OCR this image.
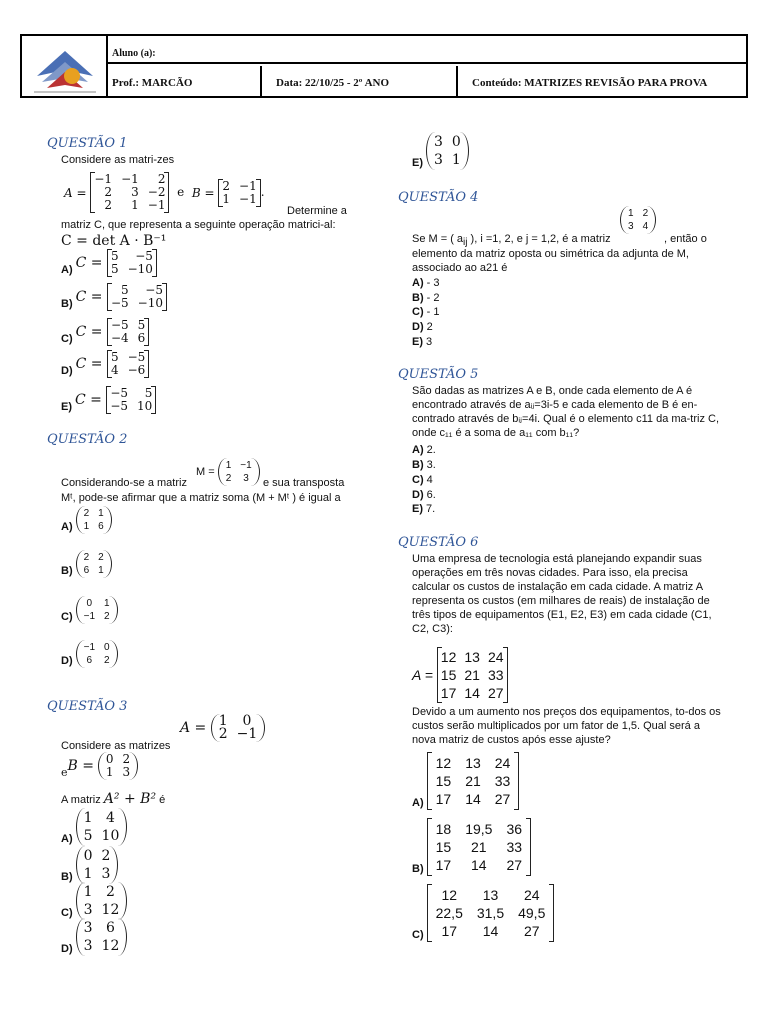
Aluno (a):
Prof.: MARCÃO	Data: 22/10/25 - 2º ANO	Conteúdo: MATRIZES REVISÃO PARA PROVA
QUESTÃO 1
Considere as matri-zes
A =
−1 −1	2
2	3 −2
2	1 −1
e B = 2 −1
1 −1 .
Determine a
matriz C, que representa a seguinte operação matrici-al:
C = det A · B⁻¹
QUESTÃO 2
M =

1 −1
2 3
Considerando-se a matriz	e sua transposta
Mᵗ, pode-se afirmar que a matriz soma (M + Mᵗ ) é igual a
QUESTÃO 3
A =
1	0
2 −1
Considere as matrizes
e B =
0 2
1 3
A matriz A² + B² é
QUESTÃO 4
1 2
3 4
Se M = ( $a_{ij}$ ), i =1, 2, e j = 1,2, é a matriz	, então o
elemento da matriz oposta ou simétrica da adjunta de M,
associado ao a21 é
QUESTÃO 5
São dadas as matrizes A e B, onde cada elemento de A é encontrado através de aᵢⱼ=3i-5 e cada elemento de B é en-contrado através de bᵢⱼ=4i. Qual é o elemento c11 da ma-triz C, onde c₁₁ é a soma de a₁₁ com b₁₁?
QUESTÃO 6
Uma empresa de tecnologia está planejando expandir suas operações em três novas cidades. Para isso, ela precisa calcular os custos de instalação em cada cidade. A matriz A representa os custos (em milhares de reais) de instalação de três tipos de equipamentos (E1, E2, E3) em cada cidade (C1, C2, C3):
A =

12 13 24
15 21 33
17 14 27
Devido a um aumento nos preços dos equipamentos, to-dos os custos serão multiplicados por um fator de 1,5. Qual será a nova matriz de custos após esse ajuste?
A) C = 5	−5
5 −10
B) C =	5	−5
−5 −10
C) C = −5 5
−4 6
D) C = 5 −5
4 −6
E) C = −5	5
−5 10
A)
2 1
1 6
B)
2 2
6 1
C)
0 1
−1 2
D)
−1 0
6 2
A)
1 4
5 10
B)
0 2
1 3
C)
1 2
3 12
D)
3 6
3 12
E)
3 0
3 1
A) - 3
B) - 2
C) - 1
D) 2
E) 3
A) 2.
B) 3.
C) 4
D) 6.
E) 7.
A)
12 13 24
15 21 33
17 14 27
B)
18 19,5 36
15	21	33
17	14	27
C)
12	13	24
22,5 31,5 49,5
17	14	27
